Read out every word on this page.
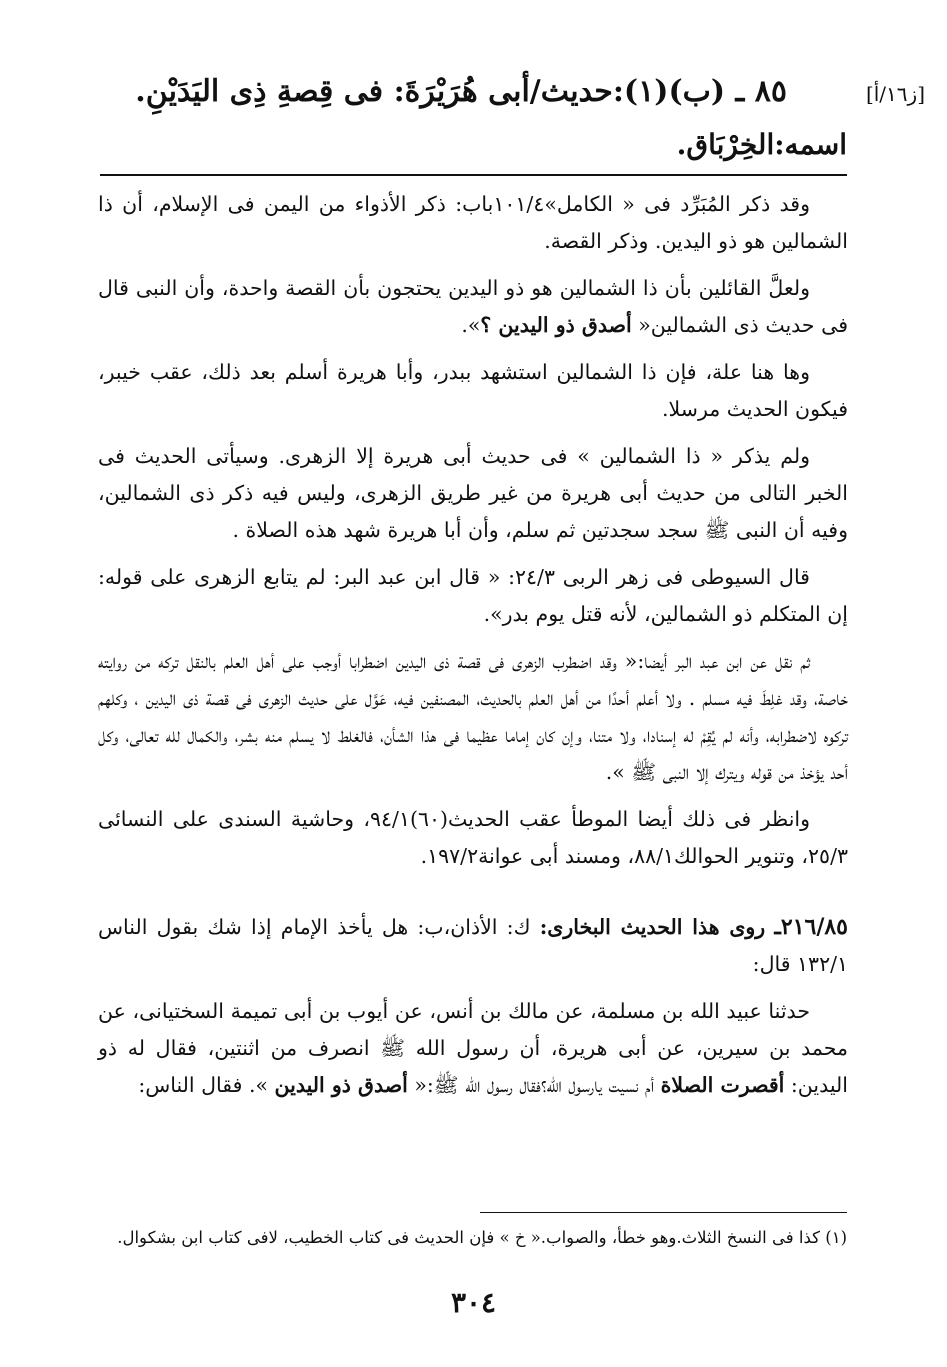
[ز١٦/أ]
٨٥ ـ (ب)(١):حديث/أبى هُرَيْرَةَ: فى قِصةِ ذِى اليَدَيْنِ.
اسمه:الخِرْبَاق.

وقد ذكر المُبَرِّد فى « الكامل»١٠١/٤باب: ذكر الأذواء من اليمن فى الإسلام، أن ذا الشمالين هو ذو اليدين. وذكر القصة.

ولعلَّ القائلين بأن ذا الشمالين هو ذو اليدين يحتجون بأن القصة واحدة، وأن النبى قال فى حديث ذى الشمالين« أصدق ذو اليدين ؟».

وها هنا علة، فإن ذا الشمالين استشهد ببدر، وأبا هريرة أسلم بعد ذلك، عقب خيبر، فيكون الحديث مرسلا.

ولم يذكر « ذا الشمالين » فى حديث أبى هريرة إلا الزهرى. وسيأتى الحديث فى الخبر التالى من حديث أبى هريرة من غير طريق الزهرى، وليس فيه ذكر ذى الشمالين، وفيه أن النبى ﷺ سجد سجدتين ثم سلم، وأن أبا هريرة شهد هذه الصلاة .

قال السيوطى فى زهر الربى ٢٤/٣: « قال ابن عبد البر: لم يتابع الزهرى على قوله: إن المتكلم ذو الشمالين، لأنه قتل يوم بدر».

ثم نقل عن ابن عبد البر أيضا:« وقد اضطرب الزهرى فى قصة ذى اليدين اضطرابا أوجب على أهل العلم بالنقل تركه من روايته خاصة، وقد غلِطَ فيه مسلم . ولا أعلم أحدًا من أهل العلم بالحديث، المصنفين فيه، عَوَّل على حديث الزهرى فى قصة ذى اليدين ، وكلهم تركوه لاضطرابه، وأنه لم يُقِمْ له إسنادا، ولا متنا، وإن كان إماما عظيما فى هذا الشأن، فالغلط لا يسلم منه بشر، والكمال لله تعالى، وكل أحد يؤخذ من قوله ويترك إلا النبى ﷺ ».

وانظر فى ذلك أيضا الموطأ عقب الحديث(٦٠)٩٤/١، وحاشية السندى على النسائى ٢٥/٣، وتنوير الحوالك٨٨/١، ومسند أبى عوانة١٩٧/٢.

٢١٦/٨٥ـ روى هذا الحديث البخارى: ك: الأذان،ب: هل يأخذ الإمام إذا شك بقول الناس ١٣٢/١ قال:

حدثنا عبيد الله بن مسلمة، عن مالك بن أنس، عن أيوب بن أبى تميمة السختيانى، عن محمد بن سيرين، عن أبى هريرة، أن رسول الله ﷺ انصرف من اثنتين، فقال له ذو اليدين: أقصرت الصلاة أم نسيت يارسول الله؟فقال رسول الله ﷺ:« أصدق ذو اليدين ». فقال الناس:

(١) كذا فى النسخ الثلاث.وهو خطأ، والصواب.« خ » فإن الحديث فى كتاب الخطيب، لافى كتاب ابن بشكوال.
٣٠٤
